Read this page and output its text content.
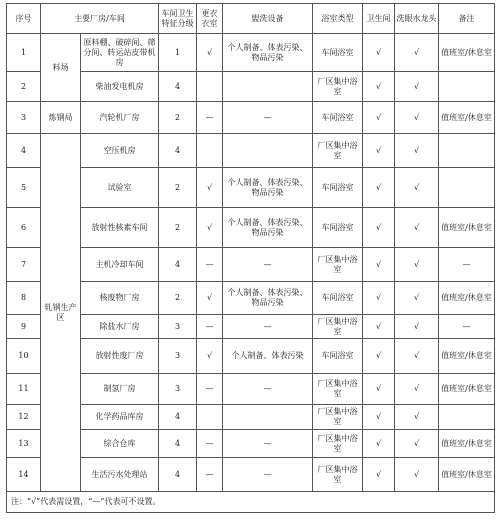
序号	主要厂房/车间		车间卫生特征分级	更衣衣室	盥洗设备	浴室类型	卫生间	洗眼水龙头	备注
1	料场	原料棚、破碎间、筛分间、转运站皮带机房	1	√	个人制备、体表污染、物品污染	车间浴室	√	√	值班室/休息室
2		柴油发电机房	4			厂区集中浴室	√	√	
3	炼钢局	汽轮机厂房	2	—	—	车间浴室	√	√	值班室/休息室
4	轧钢生产区	空压机房	4			厂区集中浴室	√	√	
5		试验室	2	√	个人制备、体表污染、物品污染	车间浴室	√	√	
6		放射性核素车间	2	√	个人制备、体表污染、物品污染	车间浴室	√	√	值班室/休息室
7		主机冷却车间	4	—	—	厂区集中浴室	√	√	—
8		核废物厂房	2	√	个人制备、体表污染、物品污染	车间浴室	√	√	值班室/休息室
9		除盐水厂房	3	—	—	厂区集中浴室	√	√	—
10		放射性废厂房	3	√	个人制备、体表污染	车间浴室	√	√	值班室/休息室
11		制氢厂房	3	—	—	厂区集中浴室	√	√	值班室/休息室
12		化学药品库房	4			厂区集中浴室	√	√	
13		综合仓库	4	—	—	厂区集中浴室	√	√	值班室/休息室
14		生活污水处理站	4	—	—	厂区集中浴室	√	√	值班室/休息室
注：“√”代表需设置，“—”代表可不设置。									
